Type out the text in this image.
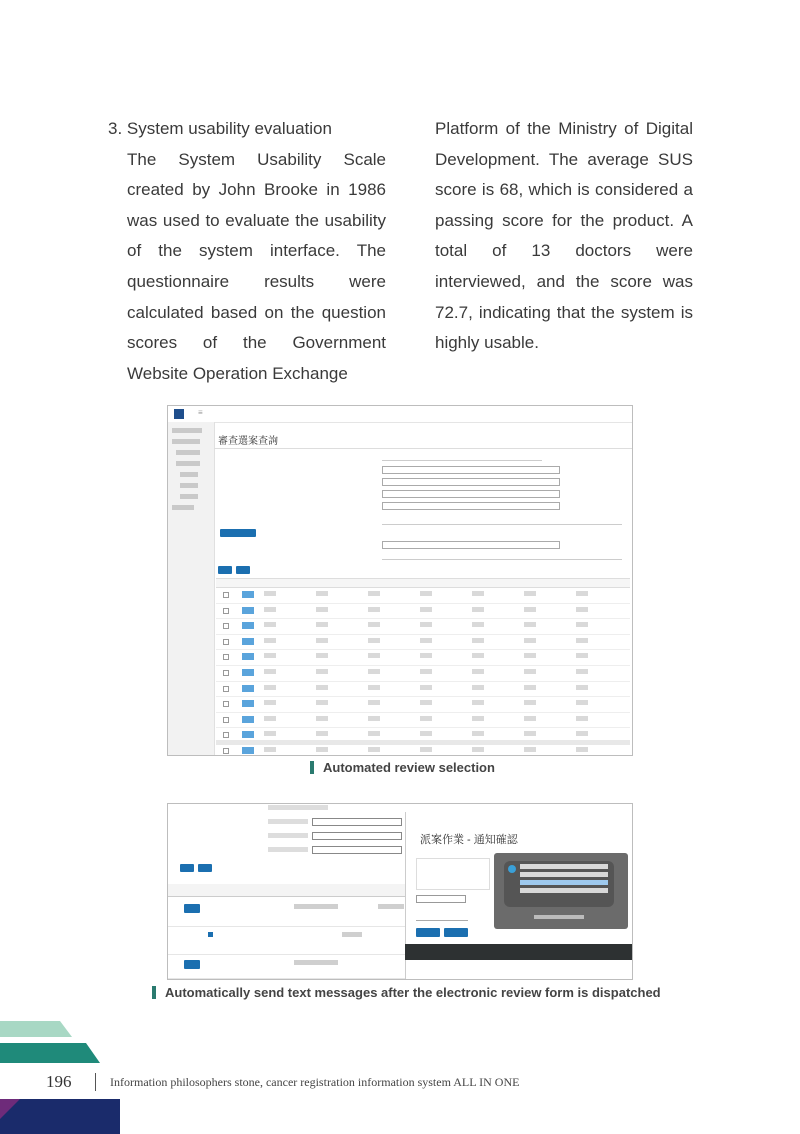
3. System usability evaluation
The System Usability Scale created by John Brooke in 1986 was used to evaluate the usability of the system interface. The questionnaire results were calculated based on the question scores of the Government Website Operation Exchange

Platform of the Ministry of Digital Development. The average SUS score is 68, which is considered a passing score for the product. A total of 13 doctors were interviewed, and the score was 72.7, indicating that the system is highly usable.

≡
審查選案查詢
Automated review selection
派案作業 - 通知確認
Automatically send text messages after the electronic review form is dispatched
196	Information philosophers stone, cancer registration information system ALL IN ONE
